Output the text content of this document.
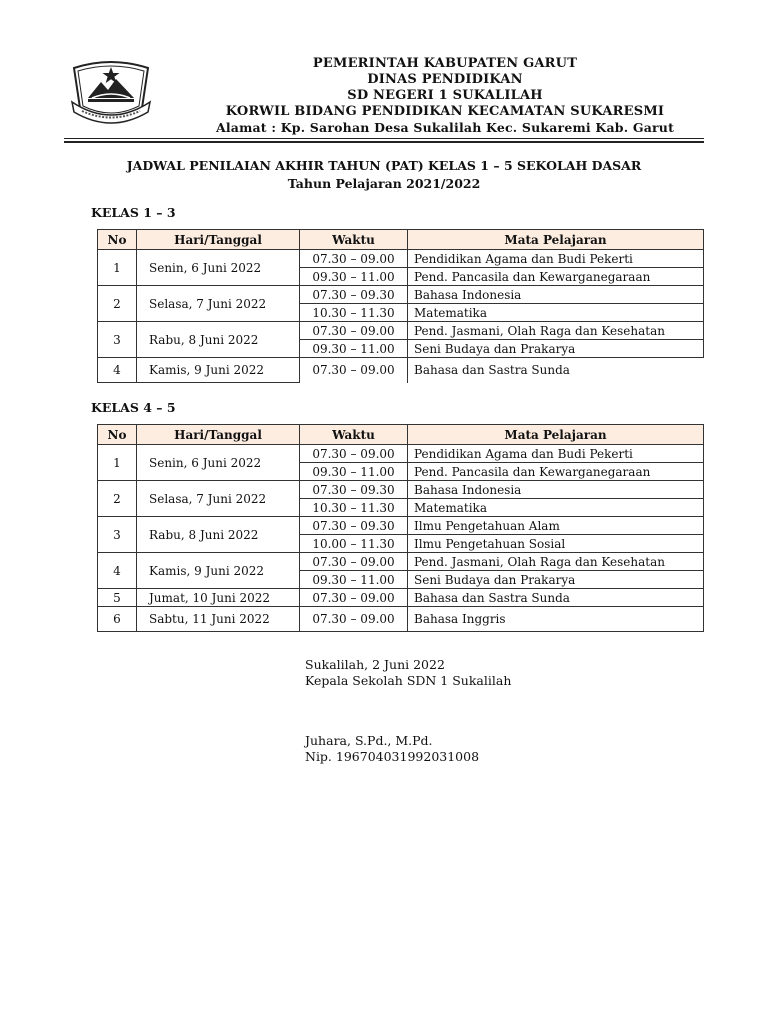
PEMERINTAH KABUPATEN GARUT
DINAS PENDIDIKAN
SD NEGERI 1 SUKALILAH
KORWIL BIDANG PENDIDIKAN KECAMATAN SUKARESMI
Alamat : Kp. Sarohan Desa Sukalilah Kec. Sukaremi Kab. Garut
JADWAL PENILAIAN AKHIR TAHUN (PAT) KELAS 1 – 5 SEKOLAH DASAR
Tahun Pelajaran 2021/2022
KELAS 1 – 3
No	Hari/Tanggal	Waktu	Mata Pelajaran
1	Senin, 6 Juni 2022	07.30 – 09.00	Pendidikan Agama dan Budi Pekerti
		09.30 – 11.00	Pend. Pancasila dan Kewarganegaraan
2	Selasa, 7 Juni 2022	07.30 – 09.30	Bahasa Indonesia
		10.30 – 11.30	Matematika
3	Rabu, 8 Juni 2022	07.30 – 09.00	Pend. Jasmani, Olah Raga dan Kesehatan
		09.30 – 11.00	Seni Budaya dan Prakarya
4	Kamis, 9 Juni 2022	07.30 – 09.00	Bahasa dan Sastra Sunda
KELAS 4 – 5
No	Hari/Tanggal	Waktu	Mata Pelajaran
1	Senin, 6 Juni 2022	07.30 – 09.00	Pendidikan Agama dan Budi Pekerti
		09.30 – 11.00	Pend. Pancasila dan Kewarganegaraan
2	Selasa, 7 Juni 2022	07.30 – 09.30	Bahasa Indonesia
		10.30 – 11.30	Matematika
3	Rabu, 8 Juni 2022	07.30 – 09.30	Ilmu Pengetahuan Alam
		10.00 – 11.30	Ilmu Pengetahuan Sosial
4	Kamis, 9 Juni 2022	07.30 – 09.00	Pend. Jasmani, Olah Raga dan Kesehatan
		09.30 – 11.00	Seni Budaya dan Prakarya
5	Jumat, 10 Juni 2022	07.30 – 09.00	Bahasa dan Sastra Sunda
6	Sabtu, 11 Juni 2022	07.30 – 09.00	Bahasa Inggris
Sukalilah, 2 Juni 2022
Kepala Sekolah SDN 1 Sukalilah
Juhara, S.Pd., M.Pd.
Nip. 196704031992031008
